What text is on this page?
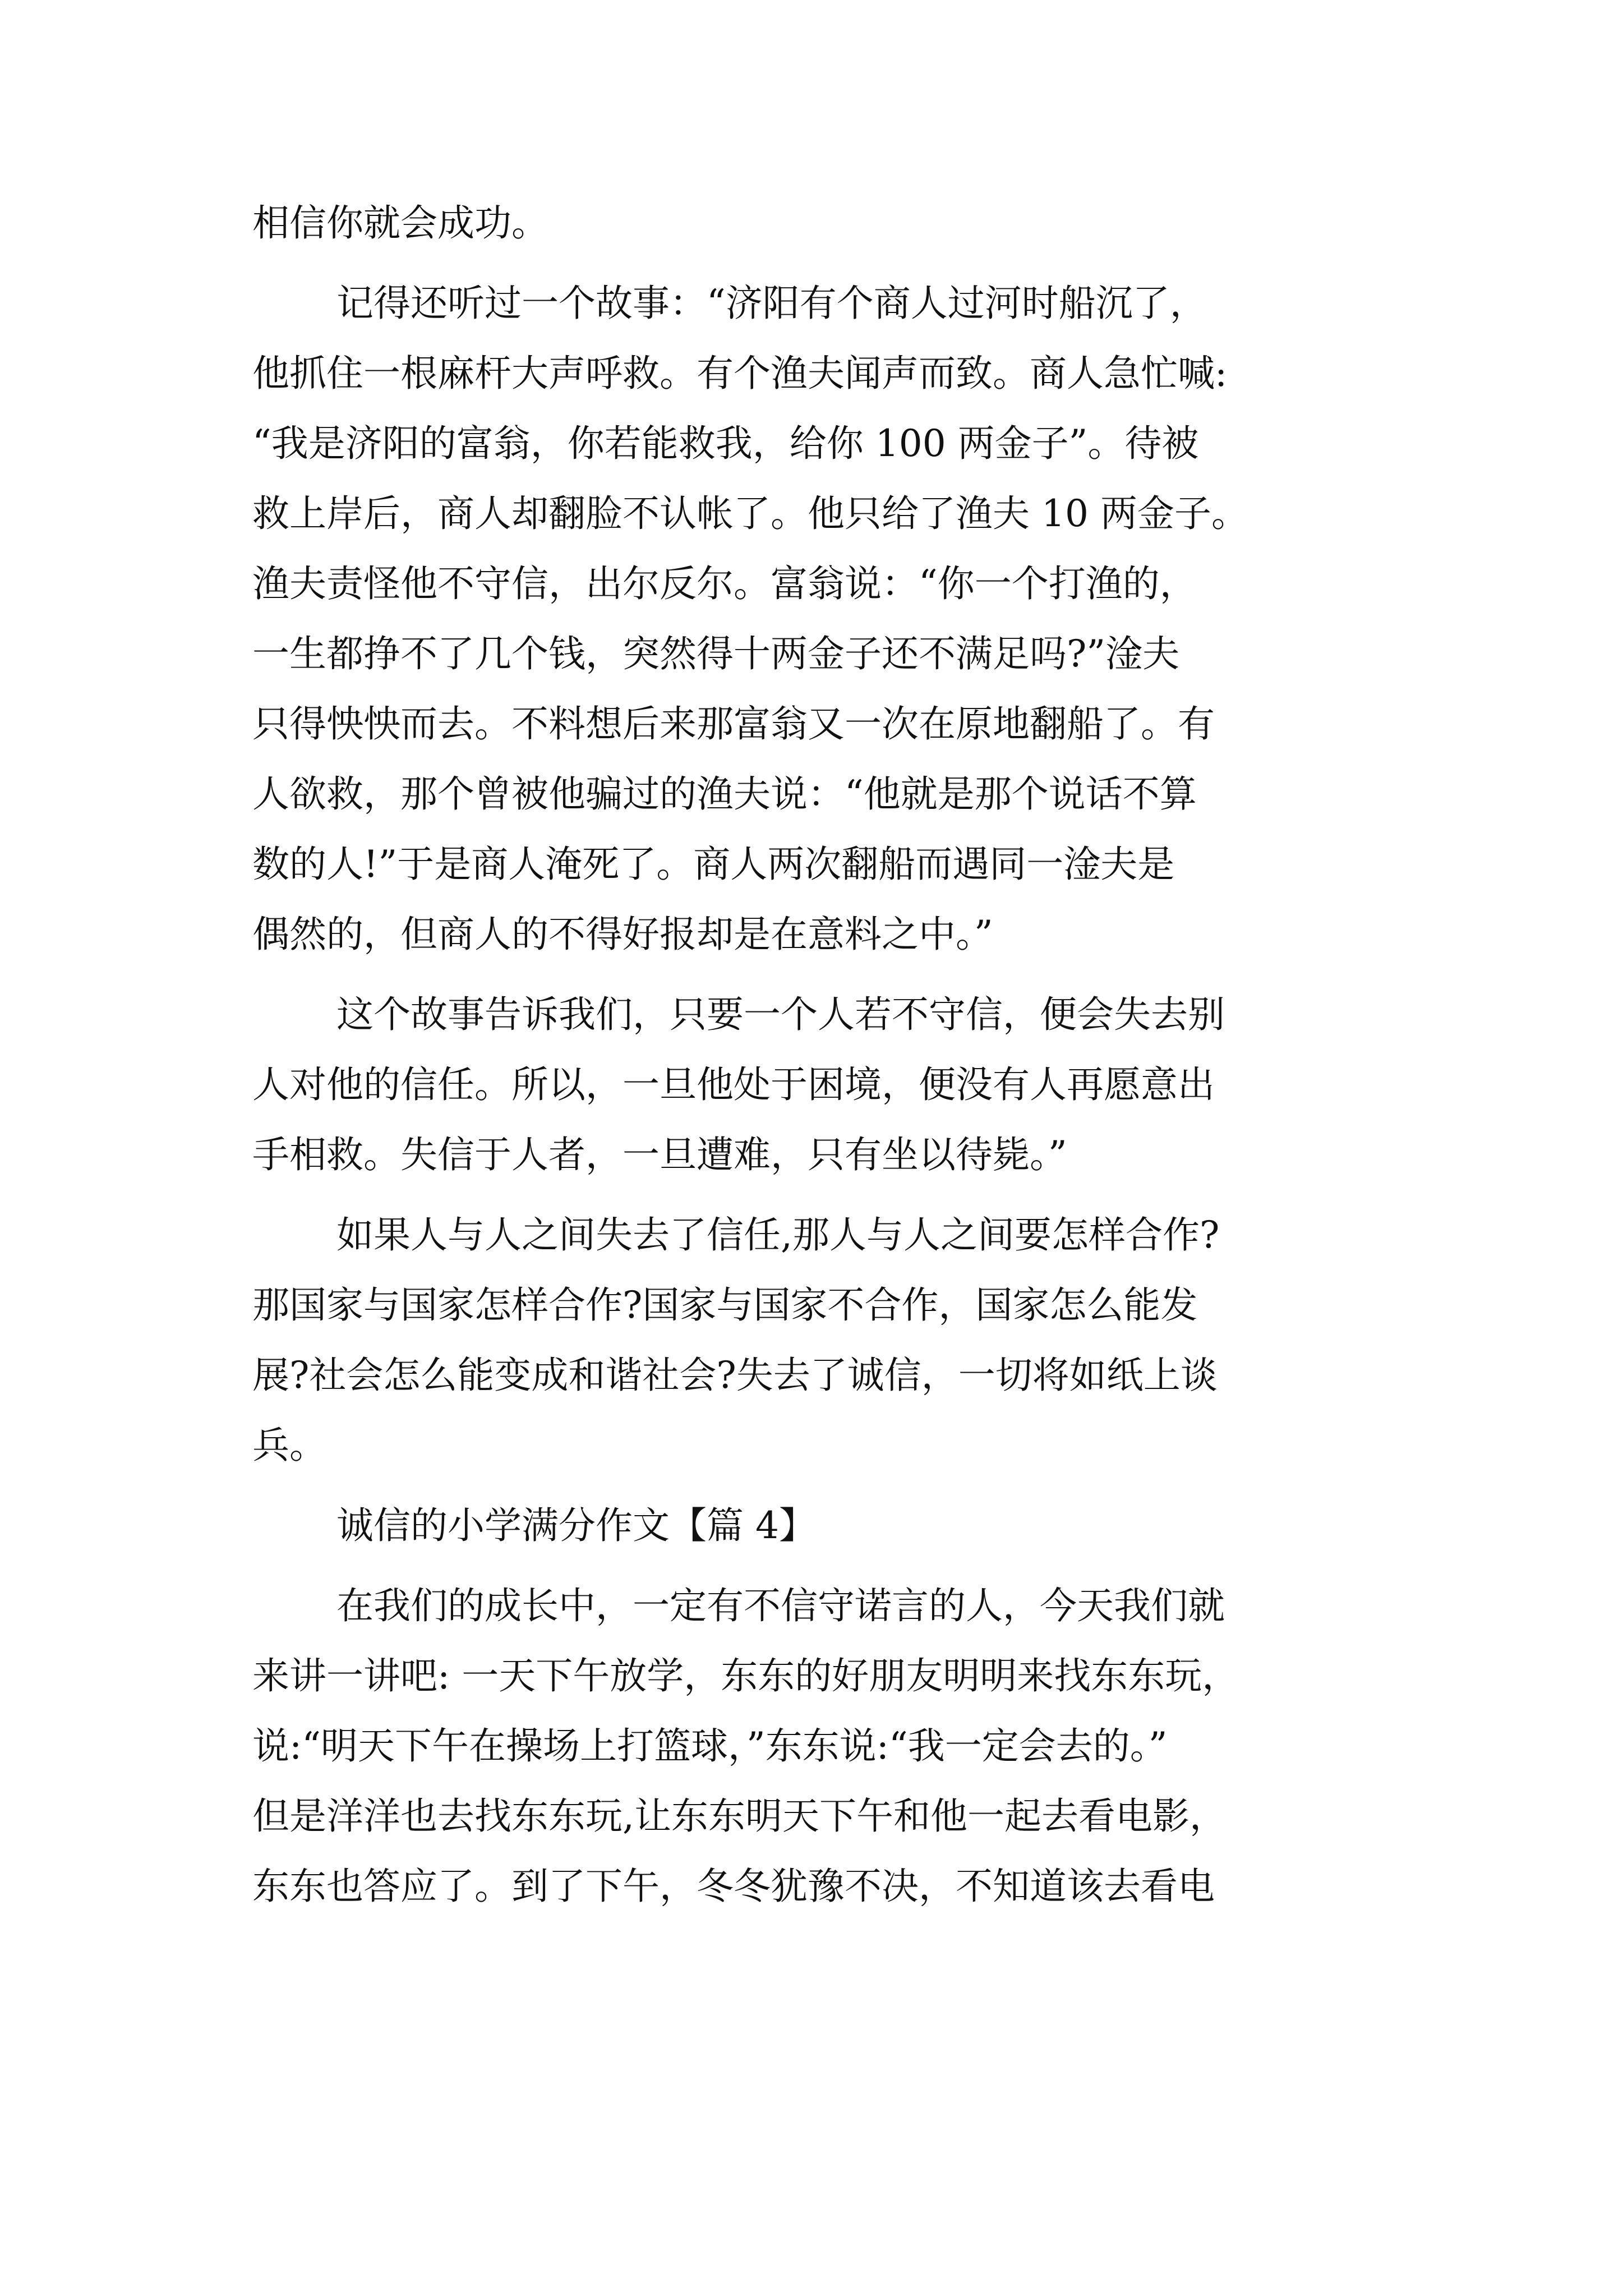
相信你就会成功。
记得还听过一个故事：“济阳有个商人过河时船沉了，
他抓住一根麻杆大声呼救。有个渔夫闻声而致。商人急忙喊:
“我是济阳的富翁，你若能救我，给你 100 两金子”。待被
救上岸后，商人却翻脸不认帐了。他只给了渔夫 10 两金子。
渔夫责怪他不守信，出尔反尔。富翁说：“你一个打渔的，
一生都挣不了几个钱，突然得十两金子还不满足吗?”淦夫
只得怏怏而去。不料想后来那富翁又一次在原地翻船了。有
人欲救，那个曾被他骗过的渔夫说：“他就是那个说话不算
数的人!”于是商人淹死了。商人两次翻船而遇同一淦夫是
偶然的，但商人的不得好报却是在意料之中。”
这个故事告诉我们，只要一个人若不守信，便会失去别
人对他的信任。所以，一旦他处于困境，便没有人再愿意出
手相救。失信于人者，一旦遭难，只有坐以待毙。”
如果人与人之间失去了信任,那人与人之间要怎样合作?
那国家与国家怎样合作?国家与国家不合作，国家怎么能发
展?社会怎么能变成和谐社会?失去了诚信，一切将如纸上谈
兵。
诚信的小学满分作文【篇 4】
在我们的成长中，一定有不信守诺言的人，今天我们就
来讲一讲吧: 一天下午放学，东东的好朋友明明来找东东玩，
说:“明天下午在操场上打篮球，”东东说:“我一定会去的。”
但是洋洋也去找东东玩,让东东明天下午和他一起去看电影，
东东也答应了。到了下午，冬冬犹豫不决，不知道该去看电
